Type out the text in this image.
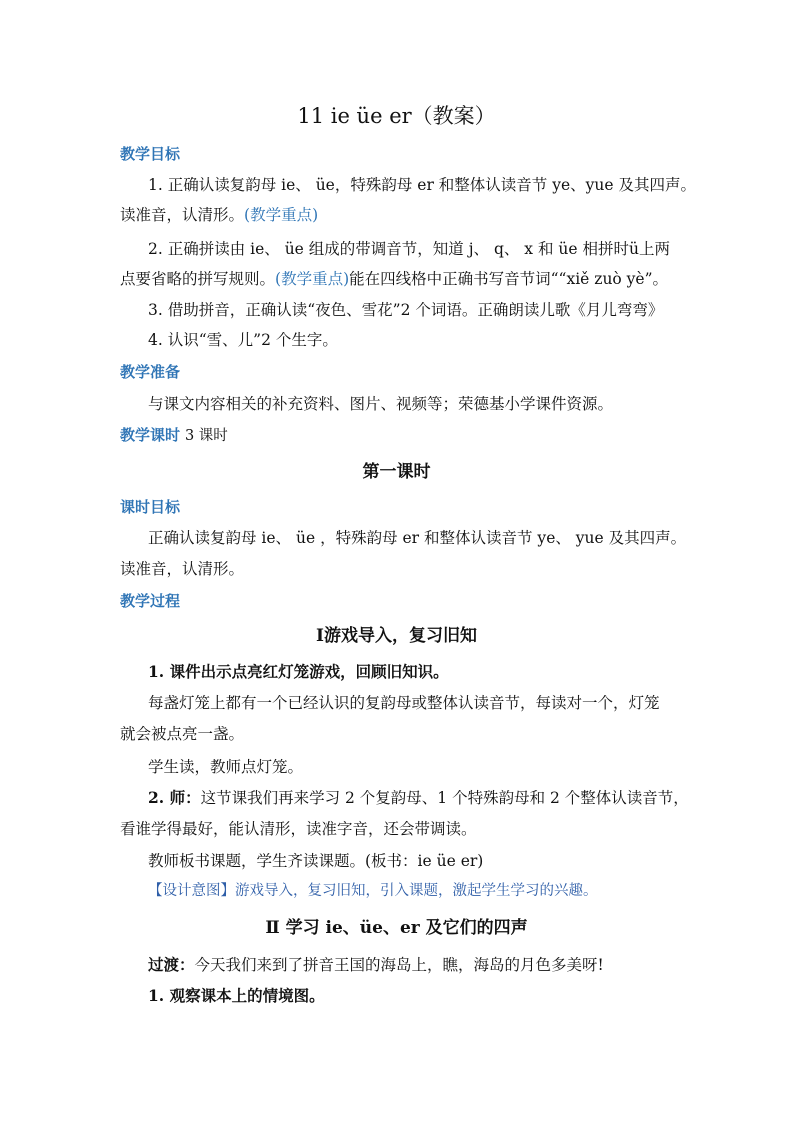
11 ie üe er（教案）
教学目标
1. 正确认读复韵母 ie、 üe，特殊韵母 er 和整体认读音节 ye、yue 及其四声。
读准音，认清形。(教学重点)
2. 正确拼读由 ie、 üe 组成的带调音节，知道 j、 q、 x 和 üe 相拼时ü上两
点要省略的拼写规则。(教学重点)能在四线格中正确书写音节词““xiě zuò yè”。
3. 借助拼音，正确认读“夜色、雪花”2 个词语。正确朗读儿歌《月儿弯弯》
4. 认识“雪、儿”2 个生字。
教学准备
与课文内容相关的补充资料、图片、视频等；荣德基小学课件资源。
教学课时 3 课时
第一课时
课时目标
正确认读复韵母 ie、 üe ，特殊韵母 er 和整体认读音节 ye、 yue 及其四声。
读准音，认清形。
教学过程
Ⅰ游戏导入，复习旧知
1. 课件出示点亮红灯笼游戏，回顾旧知识。
每盏灯笼上都有一个已经认识的复韵母或整体认读音节，每读对一个，灯笼
就会被点亮一盏。
学生读，教师点灯笼。
2. 师：这节课我们再来学习 2 个复韵母、1 个特殊韵母和 2 个整体认读音节，
看谁学得最好，能认清形，读准字音，还会带调读。
教师板书课题，学生齐读课题。(板书：ie üe er)
【设计意图】游戏导入，复习旧知，引入课题，激起学生学习的兴趣。
Ⅱ 学习 ie、üe、er 及它们的四声
过渡：今天我们来到了拼音王国的海岛上，瞧，海岛的月色多美呀!
1. 观察课本上的情境图。
